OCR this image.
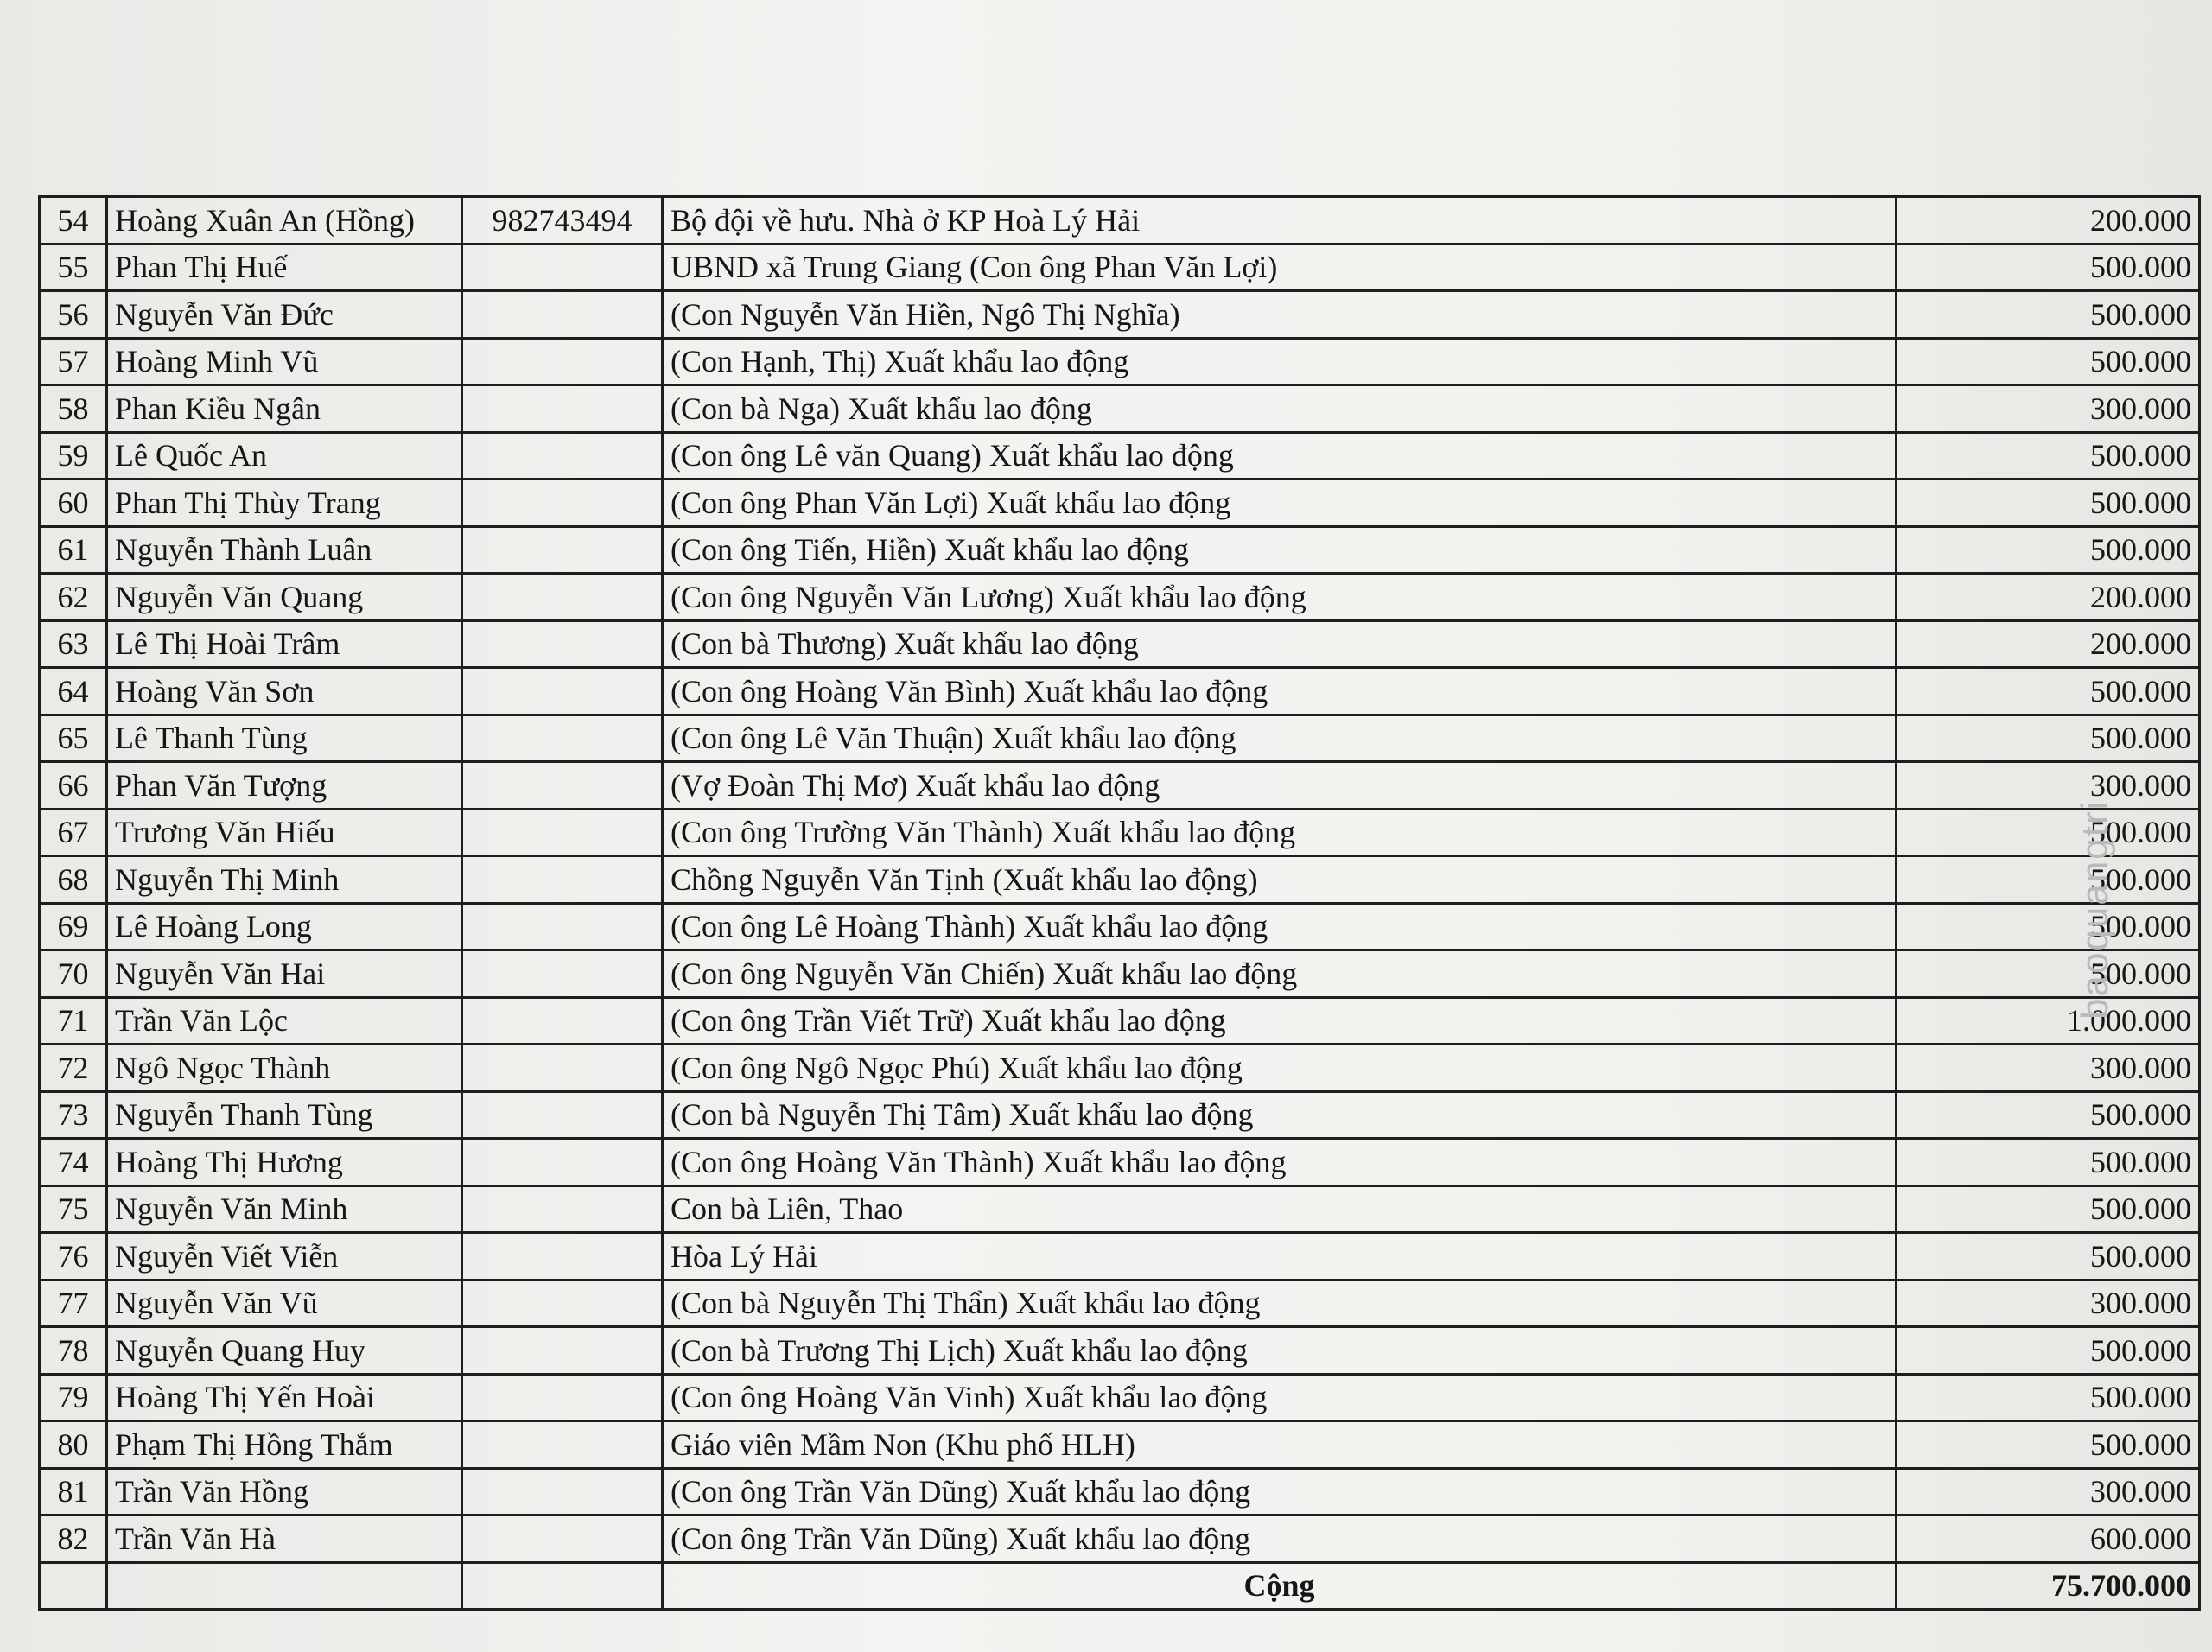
54	Hoàng Xuân An (Hồng)	982743494	Bộ đội về hưu. Nhà ở KP Hoà Lý Hải	200.000
55	Phan Thị Huế		UBND xã Trung Giang (Con ông Phan Văn Lợi)	500.000
56	Nguyễn Văn Đức		(Con Nguyễn Văn Hiền, Ngô Thị Nghĩa)	500.000
57	Hoàng Minh Vũ		(Con Hạnh, Thị) Xuất khẩu lao động	500.000
58	Phan Kiều Ngân		(Con bà Nga) Xuất khẩu lao động	300.000
59	Lê Quốc An		(Con ông Lê văn Quang) Xuất khẩu lao động	500.000
60	Phan Thị Thùy Trang		(Con ông Phan Văn Lợi) Xuất khẩu lao động	500.000
61	Nguyễn Thành Luân		(Con ông Tiến, Hiền) Xuất khẩu lao động	500.000
62	Nguyễn Văn Quang		(Con ông Nguyễn Văn Lương) Xuất khẩu lao động	200.000
63	Lê Thị Hoài Trâm		(Con bà Thương) Xuất khẩu lao động	200.000
64	Hoàng Văn Sơn		(Con ông Hoàng Văn Bình) Xuất khẩu lao động	500.000
65	Lê Thanh Tùng		(Con ông Lê Văn Thuận) Xuất khẩu lao động	500.000
66	Phan Văn Tượng		(Vợ Đoàn Thị Mơ) Xuất khẩu lao động	300.000
67	Trương Văn Hiếu		(Con ông Trường Văn Thành) Xuất khẩu lao động	500.000
68	Nguyễn Thị Minh		Chồng Nguyễn Văn Tịnh (Xuất khẩu lao động)	500.000
69	Lê Hoàng Long		(Con ông Lê Hoàng Thành) Xuất khẩu lao động	500.000
70	Nguyễn Văn Hai		(Con ông Nguyễn Văn Chiến) Xuất khẩu lao động	500.000
71	Trần Văn Lộc		(Con ông Trần Viết Trữ) Xuất khẩu lao động	1.000.000
72	Ngô Ngọc Thành		(Con ông Ngô Ngọc Phú) Xuất khẩu lao động	300.000
73	Nguyễn Thanh Tùng		(Con bà Nguyễn Thị Tâm) Xuất khẩu lao động	500.000
74	Hoàng Thị Hương		(Con ông Hoàng Văn Thành) Xuất khẩu lao động	500.000
75	Nguyễn Văn Minh		Con bà Liên, Thao	500.000
76	Nguyễn Viết Viễn		Hòa Lý Hải	500.000
77	Nguyễn Văn Vũ		(Con bà Nguyễn Thị Thẩn) Xuất khẩu lao động	300.000
78	Nguyễn Quang Huy		(Con bà Trương Thị Lịch) Xuất khẩu lao động	500.000
79	Hoàng Thị Yến Hoài		(Con ông Hoàng Văn Vinh) Xuất khẩu lao động	500.000
80	Phạm Thị Hồng Thắm		Giáo viên Mầm Non (Khu phố HLH)	500.000
81	Trần Văn Hồng		(Con ông Trần Văn Dũng) Xuất khẩu lao động	300.000
82	Trần Văn Hà		(Con ông Trần Văn Dũng) Xuất khẩu lao động	600.000
			Cộng	75.700.000
baoquangtri
